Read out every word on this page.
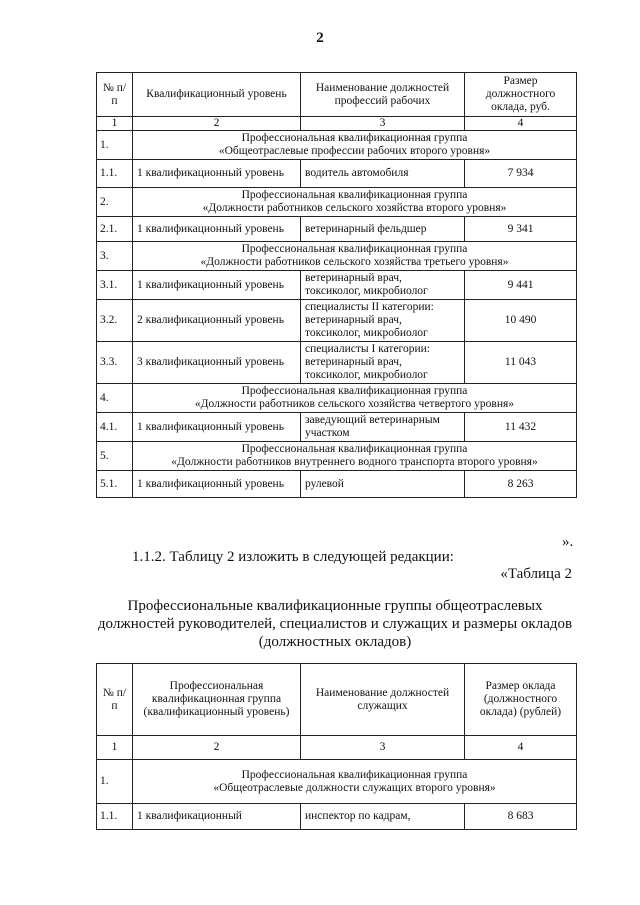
2
№ п/п	Квалификационный уровень	Наименование должностей профессий рабочих	Размер должностного оклада, руб.
1	2	3	4
1.	Профессиональная квалификационная группа
«Общеотраслевые профессии рабочих второго уровня»		

1.1.	1 квалификационный уровень	водитель автомобиля	7 934
2.	Профессиональная квалификационная группа
«Должности работников сельского хозяйства второго уровня»		

2.1.	1 квалификационный уровень	ветеринарный фельдшер	9 341
3.	Профессиональная квалификационная группа
«Должности работников сельского хозяйства третьего уровня»		

3.1.	1 квалификационный уровень	ветеринарный врач, токсиколог, микробиолог	9 441
3.2.	2 квалификационный уровень	специалисты II категории: ветеринарный врач, токсиколог, микробиолог	10 490
3.3.	3 квалификационный уровень	специалисты I категории: ветеринарный врач, токсиколог, микробиолог	11 043
4.	Профессиональная квалификационная группа
«Должности работников сельского хозяйства четвертого уровня»		

4.1.	1 квалификационный уровень	заведующий ветеринарным участком	11 432
5.	Профессиональная квалификационная группа
«Должности работников внутреннего водного транспорта второго уровня»		

5.1.	1 квалификационный уровень	рулевой	8 263
».
1.1.2. Таблицу 2 изложить в следующей редакции:
«Таблица 2
Профессиональные квалификационные группы общеотраслевых
должностей руководителей, специалистов и служащих и размеры окладов
(должностных окладов)
№ п/п	Профессиональная квалификационная группа (квалификационный уровень)	Наименование должностей служащих	Размер оклада (должностного оклада) (рублей)
1	2	3	4
1.	Профессиональная квалификационная группа
«Общеотраслевые должности служащих второго уровня»		

1.1.	1 квалификационный	инспектор по кадрам,	8 683
